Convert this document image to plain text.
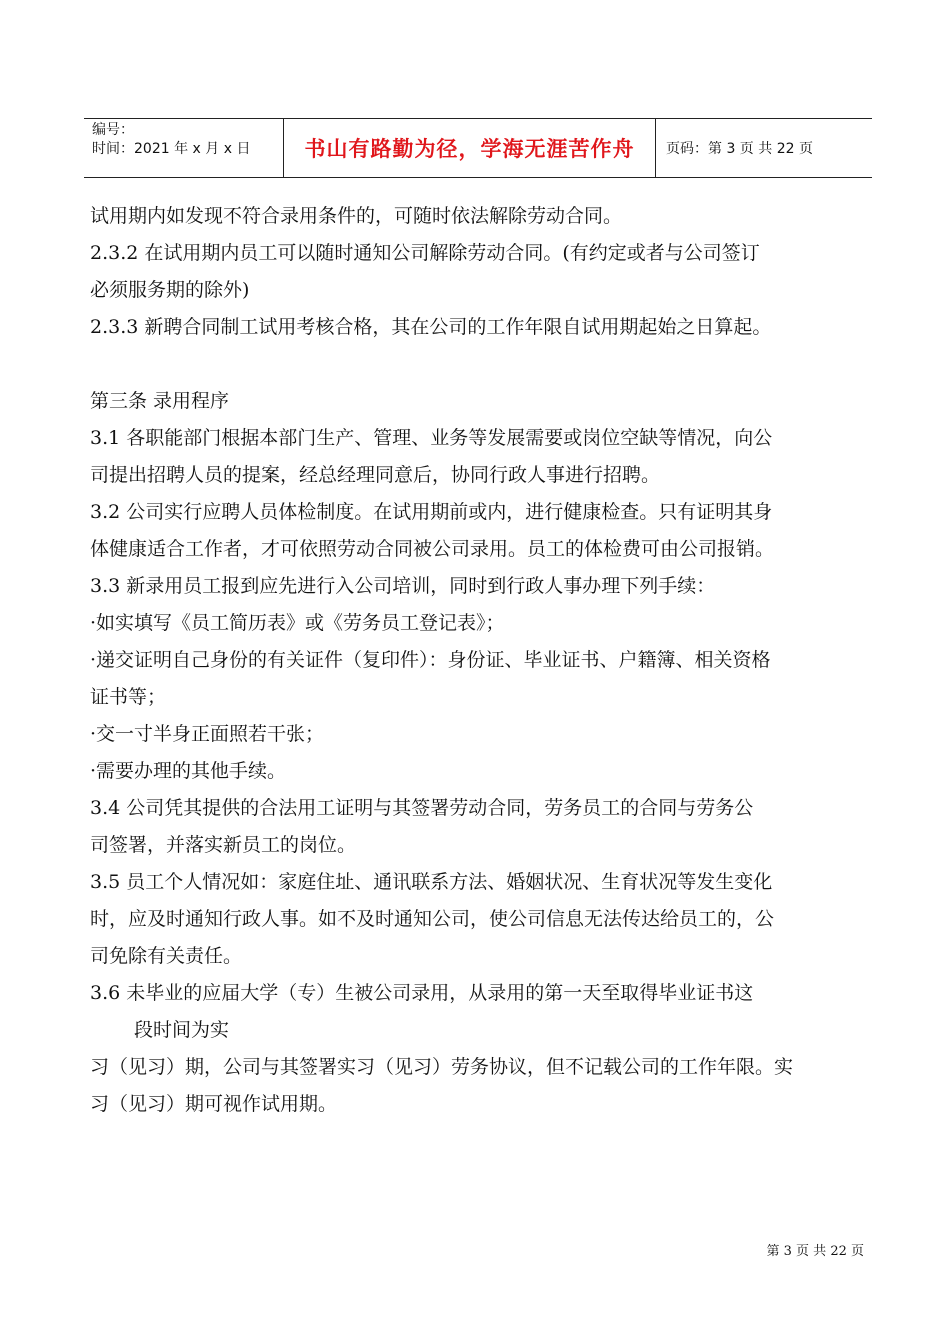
编号：
时间：2021 年 x 月 x 日	书山有路勤为径，学海无涯苦作舟	页码：第 3 页 共 22 页

试用期内如发现不符合录用条件的，可随时依法解除劳动合同。

2.3.2 在试用期内员工可以随时通知公司解除劳动合同。(有约定或者与公司签订

必须服务期的除外)

2.3.3 新聘合同制工试用考核合格，其在公司的工作年限自试用期起始之日算起。

第三条 录用程序

3.1 各职能部门根据本部门生产、管理、业务等发展需要或岗位空缺等情况，向公

司提出招聘人员的提案，经总经理同意后，协同行政人事进行招聘。

3.2 公司实行应聘人员体检制度。在试用期前或内，进行健康检查。只有证明其身

体健康适合工作者，才可依照劳动合同被公司录用。员工的体检费可由公司报销。

3.3 新录用员工报到应先进行入公司培训，同时到行政人事办理下列手续：

·如实填写《员工简历表》或《劳务员工登记表》；

·递交证明自己身份的有关证件（复印件）：身份证、毕业证书、户籍簿、相关资格

证书等；

·交一寸半身正面照若干张；

·需要办理的其他手续。

3.4 公司凭其提供的合法用工证明与其签署劳动合同，劳务员工的合同与劳务公

司签署，并落实新员工的岗位。

3.5 员工个人情况如：家庭住址、通讯联系方法、婚姻状况、生育状况等发生变化

时，应及时通知行政人事。如不及时通知公司，使公司信息无法传达给员工的，公

司免除有关责任。

3.6 未毕业的应届大学（专）生被公司录用，从录用的第一天至取得毕业证书这

段时间为实

习（见习）期，公司与其签署实习（见习）劳务协议，但不记载公司的工作年限。实

习（见习）期可视作试用期。

第 3 页 共 22 页
